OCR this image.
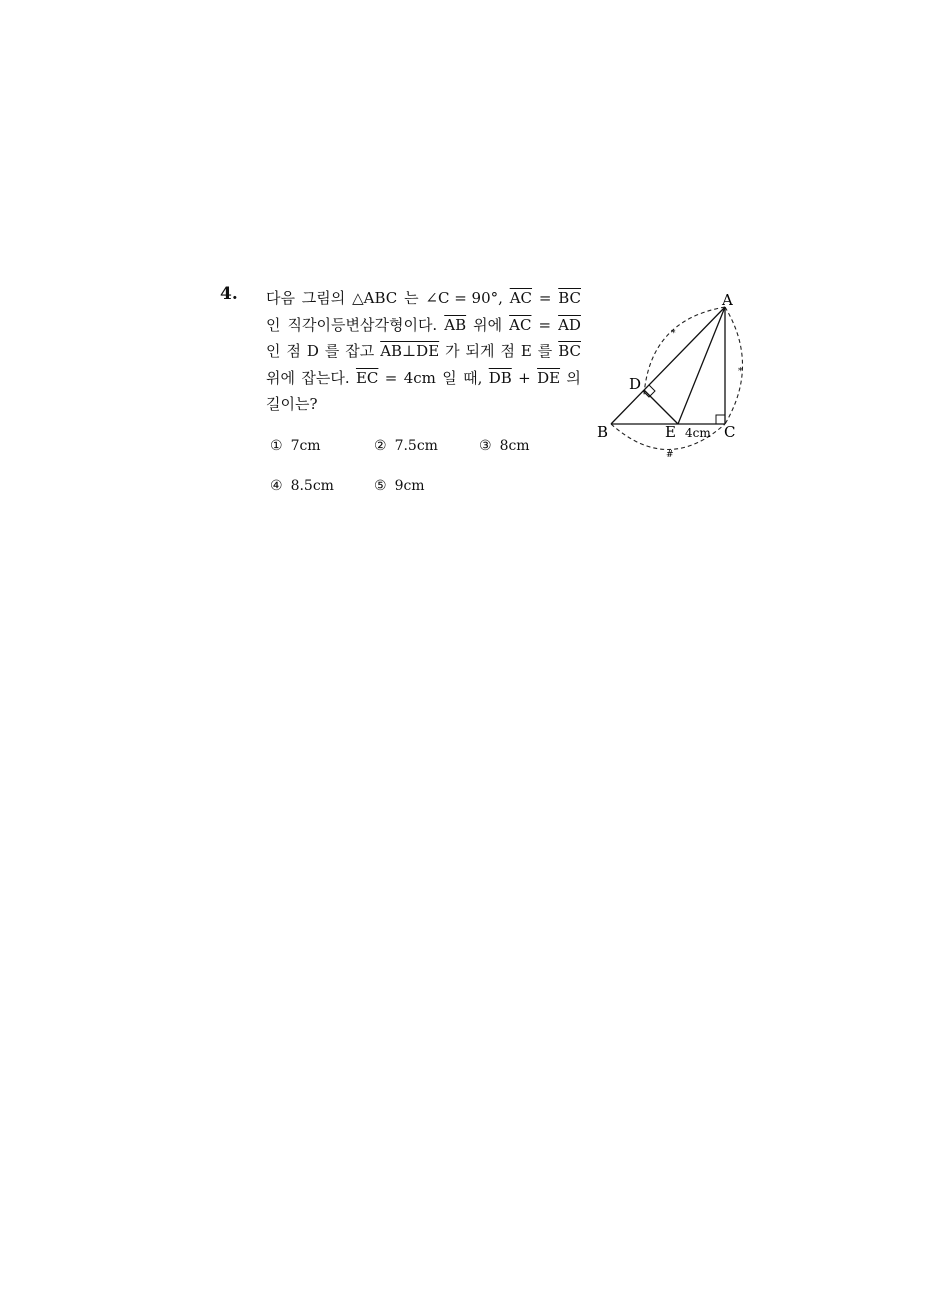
4. 다음 그림의 △ABC 는 ∠C = 90°, $\overline{AC} = \overline{BC}$
인 직각이등변삼각형이다. $\overline{AB}$ 위에 $\overline{AC} = \overline{AD}$
인 점 D 를 잡고 AB⊥DE 가 되게 점 E 를 $\overline{BC}$
위에 잡는다. $\overline{EC} = 4cm$ 일 때, $\overline{DB} + \overline{DE}$ 의
길이는?
① 7cm	② 7.5cm	③ 8cm
④ 8.5cm	⑤ 9cm
*
*
#
A
B	C
D
E 4cm
